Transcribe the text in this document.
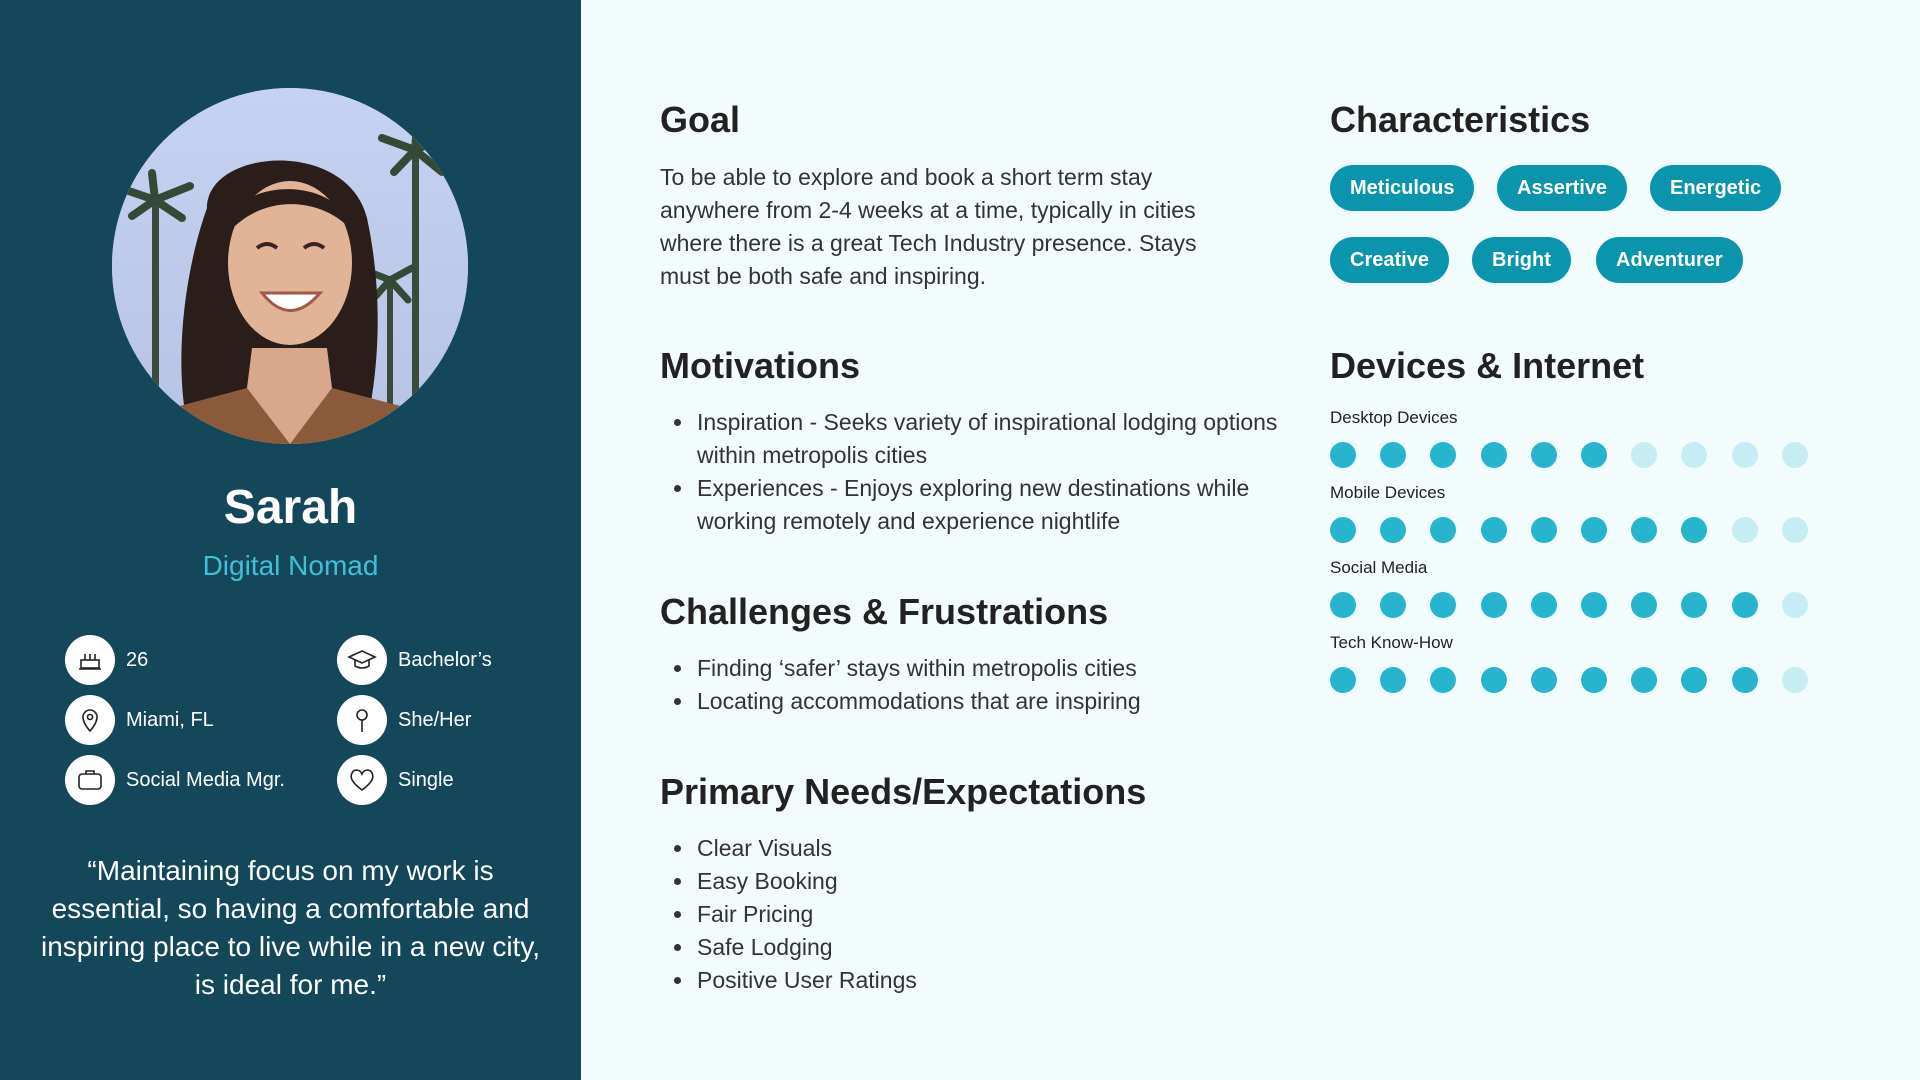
Sarah
Digital Nomad
26	Bachelor’s
Miami, FL	She/Her
Social Media Mgr.	Single
“Maintaining focus on my work is essential, so having a comfortable and inspiring place to live while in a new city, is ideal for me.”
Goal

To be able to explore and book a short term stay anywhere from 2-4 weeks at a time, typically in cities where there is a great Tech Industry presence. Stays must be both safe and inspiring.

Motivations
• Inspiration - Seeks variety of inspirational lodging options within metropolis cities
• Experiences - Enjoys exploring new destinations while working remotely and experience nightlife
Challenges & Frustrations
• Finding ‘safer’ stays within metropolis cities
• Locating accommodations that are inspiring
Primary Needs/Expectations
• Clear Visuals
• Easy Booking
• Fair Pricing
• Safe Lodging
• Positive User Ratings
Characteristics
Meticulous	Assertive	Energetic
Creative	Bright	Adventurer
Devices & Internet
Desktop Devices
Mobile Devices
Social Media
Tech Know-How
